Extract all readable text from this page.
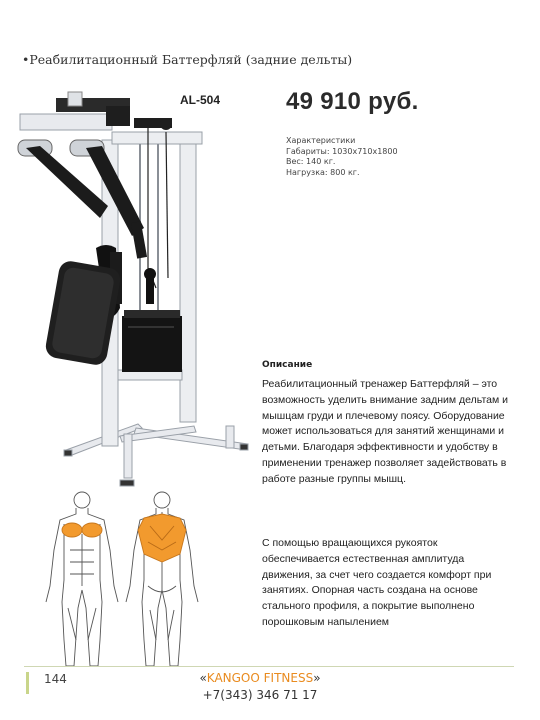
•Реабилитационный Баттерфляй (задние дельты)
AL-504	49 910 руб.
Характеристики
Габариты: 1030х710х1800
Вес: 140 кг.
Нагрузка: 800 кг.
Описание
Реабилитационный тренажер Баттерфляй – это возможность уделить внимание задним дельтам и мышцам груди и плечевому поясу. Оборудование может использоваться для занятий женщинами и детьми. Благодаря эффективности и удобству в применении тренажер позволяет задействовать в работе разные группы мышц.
С помощью вращающихся рукояток обеспечивается естественная амплитуда движения, за счет чего создается комфорт при занятиях. Опорная часть создана на основе стального профиля, а покрытие выполнено порошковым напылением
144	«KANGOO FITNESS»
+7(343) 346 71 17
